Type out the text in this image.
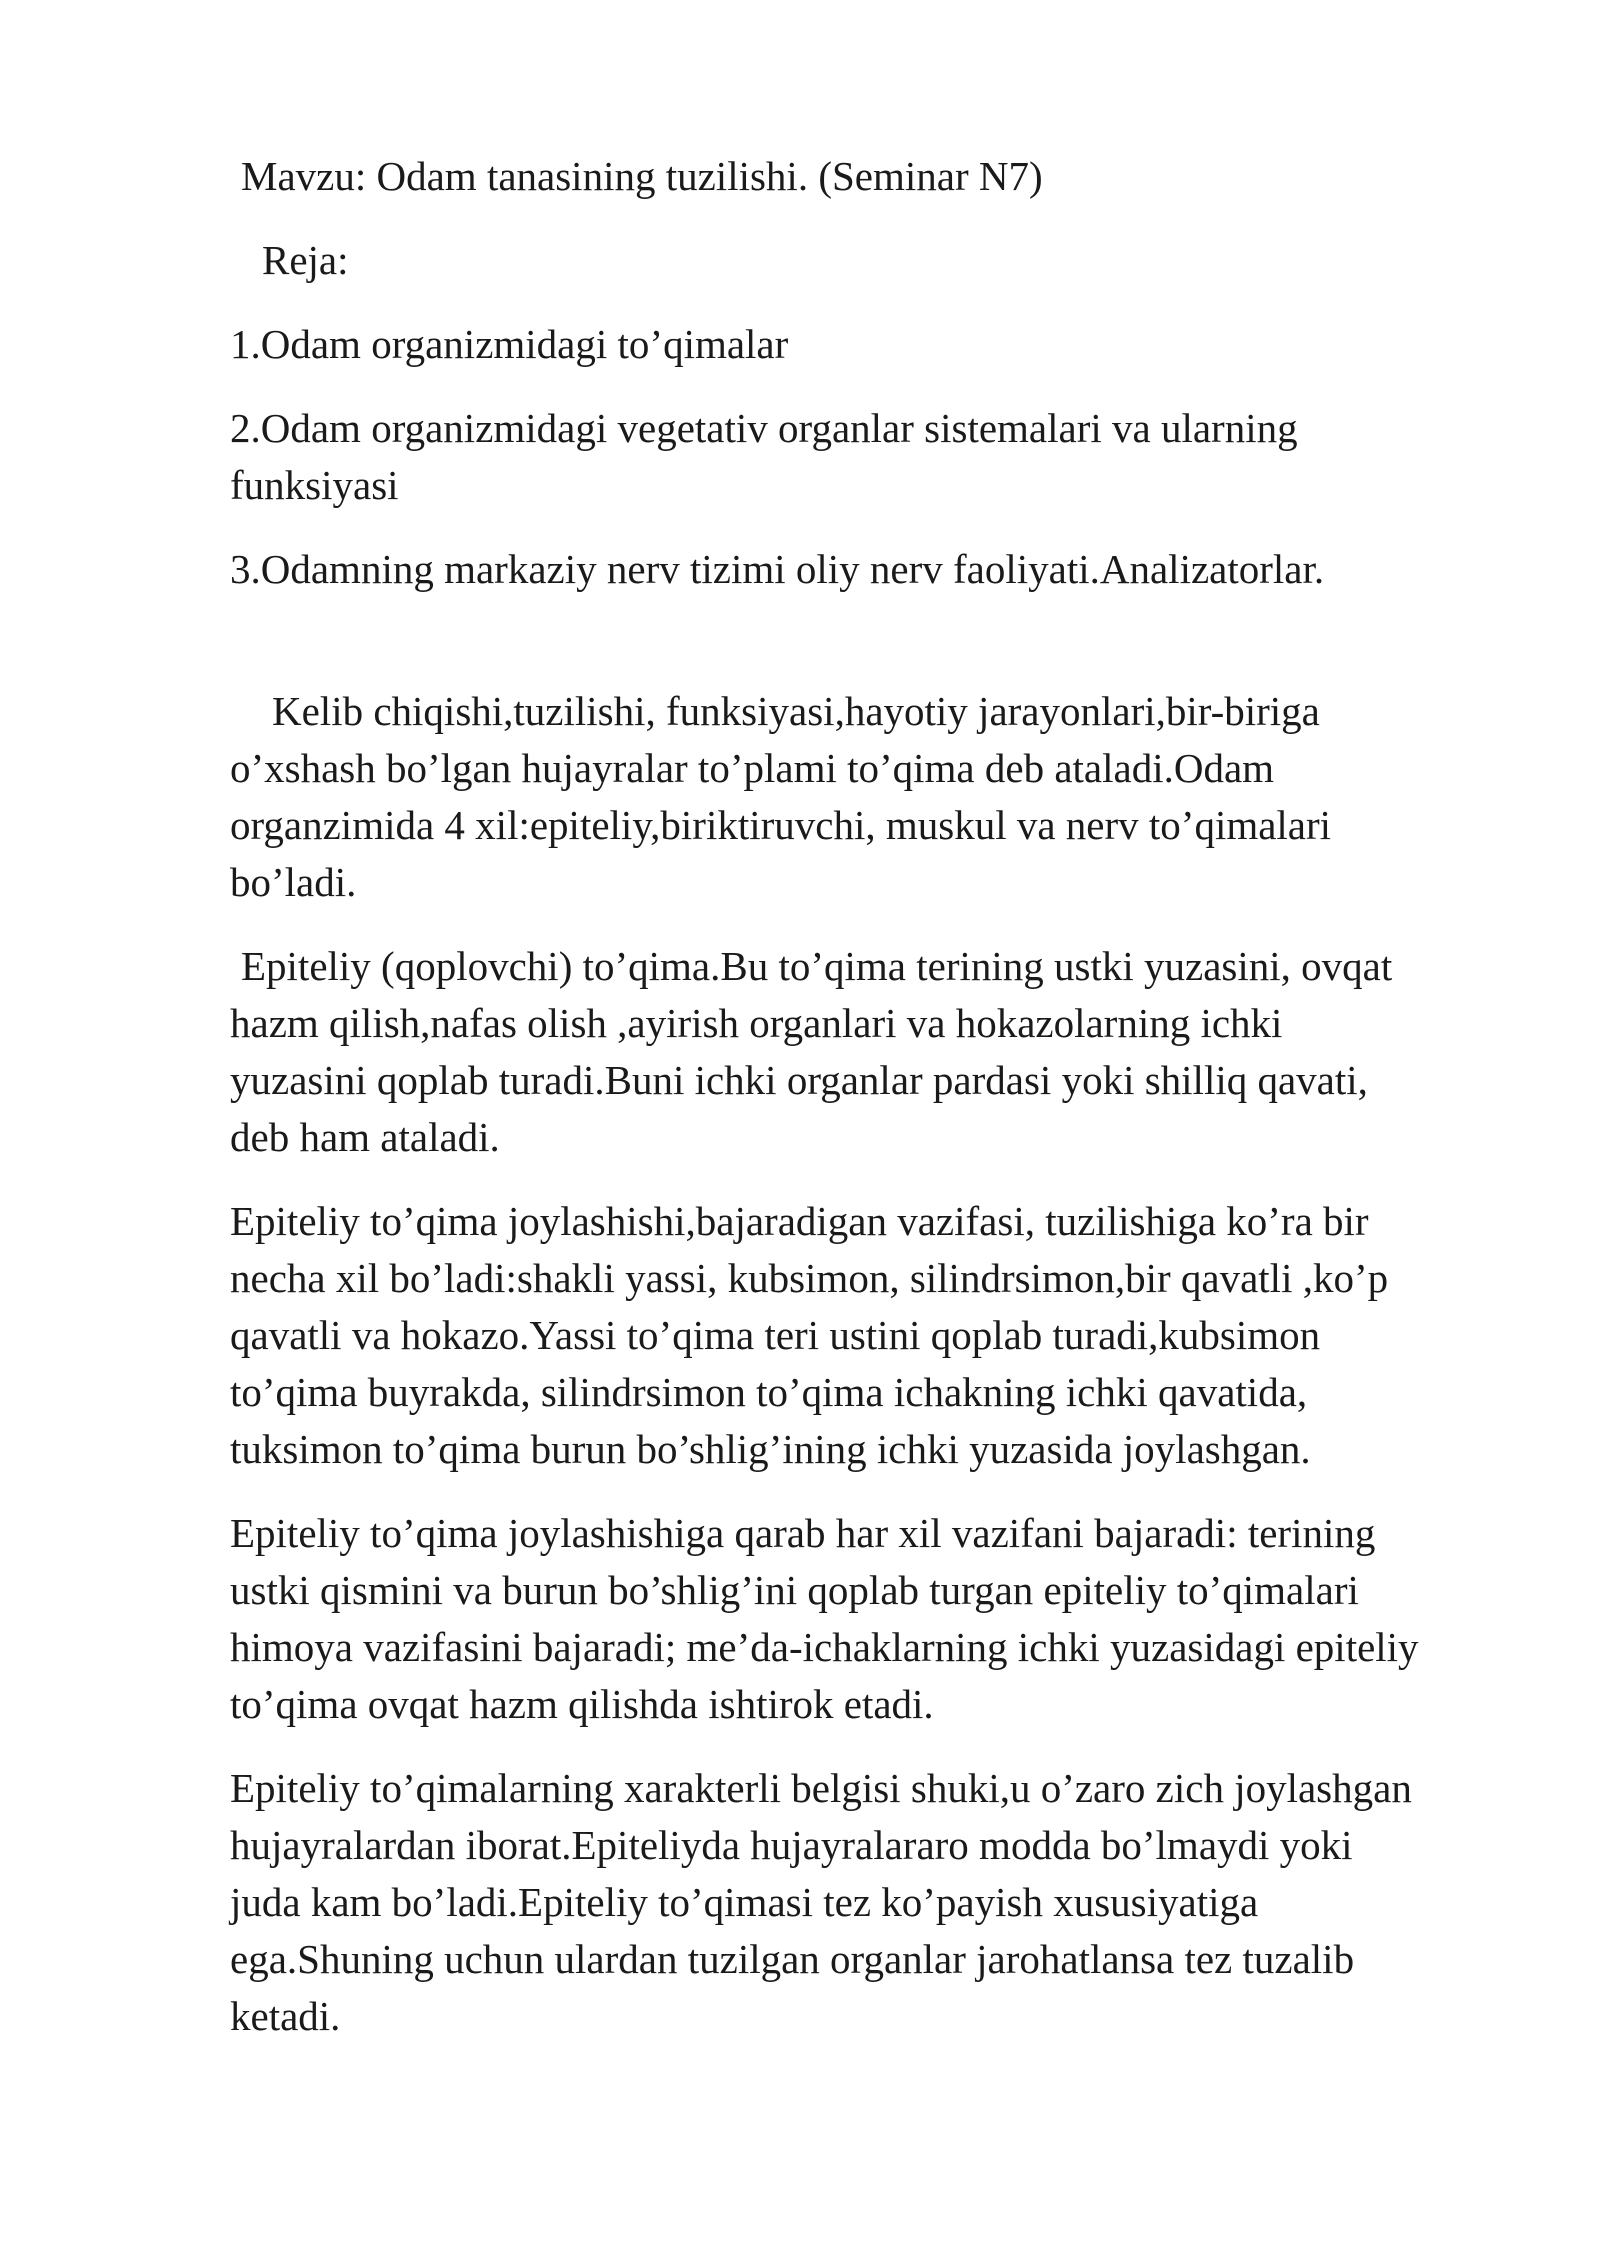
Mavzu: Odam tanasining tuzilishi. (Seminar N7)

Reja:

1.Odam organizmidagi to’qimalar

2.Odam organizmidagi vegetativ organlar sistemalari va ularning
funksiyasi

3.Odamning markaziy nerv tizimi oliy nerv faoliyati.Analizatorlar.

Kelib chiqishi,tuzilishi, funksiyasi,hayotiy jarayonlari,bir-biriga
o’xshash bo’lgan hujayralar to’plami to’qima deb ataladi.Odam
organzimida 4 xil:epiteliy,biriktiruvchi, muskul va nerv to’qimalari
bo’ladi.
Epiteliy (qoplovchi) to’qima.Bu to’qima terining ustki yuzasini, ovqat
hazm qilish,nafas olish ,ayirish organlari va hokazolarning ichki
yuzasini qoplab turadi.Buni ichki organlar pardasi yoki shilliq qavati,
deb ham ataladi.
Epiteliy to’qima joylashishi,bajaradigan vazifasi, tuzilishiga ko’ra bir
necha xil bo’ladi:shakli yassi, kubsimon, silindrsimon,bir qavatli ,ko’p
qavatli va hokazo.Yassi to’qima teri ustini qoplab turadi,kubsimon
to’qima buyrakda, silindrsimon to’qima ichakning ichki qavatida,
tuksimon to’qima burun bo’shlig’ining ichki yuzasida joylashgan.
Epiteliy to’qima joylashishiga qarab har xil vazifani bajaradi: terining
ustki qismini va burun bo’shlig’ini qoplab turgan epiteliy to’qimalari
himoya vazifasini bajaradi; me’da-ichaklarning ichki yuzasidagi epiteliy
to’qima ovqat hazm qilishda ishtirok etadi.
Epiteliy to’qimalarning xarakterli belgisi shuki,u o’zaro zich joylashgan
hujayralardan iborat.Epiteliyda hujayralararo modda bo’lmaydi yoki
juda kam bo’ladi.Epiteliy to’qimasi tez ko’payish xususiyatiga
ega.Shuning uchun ulardan tuzilgan organlar jarohatlansa tez tuzalib
ketadi.
